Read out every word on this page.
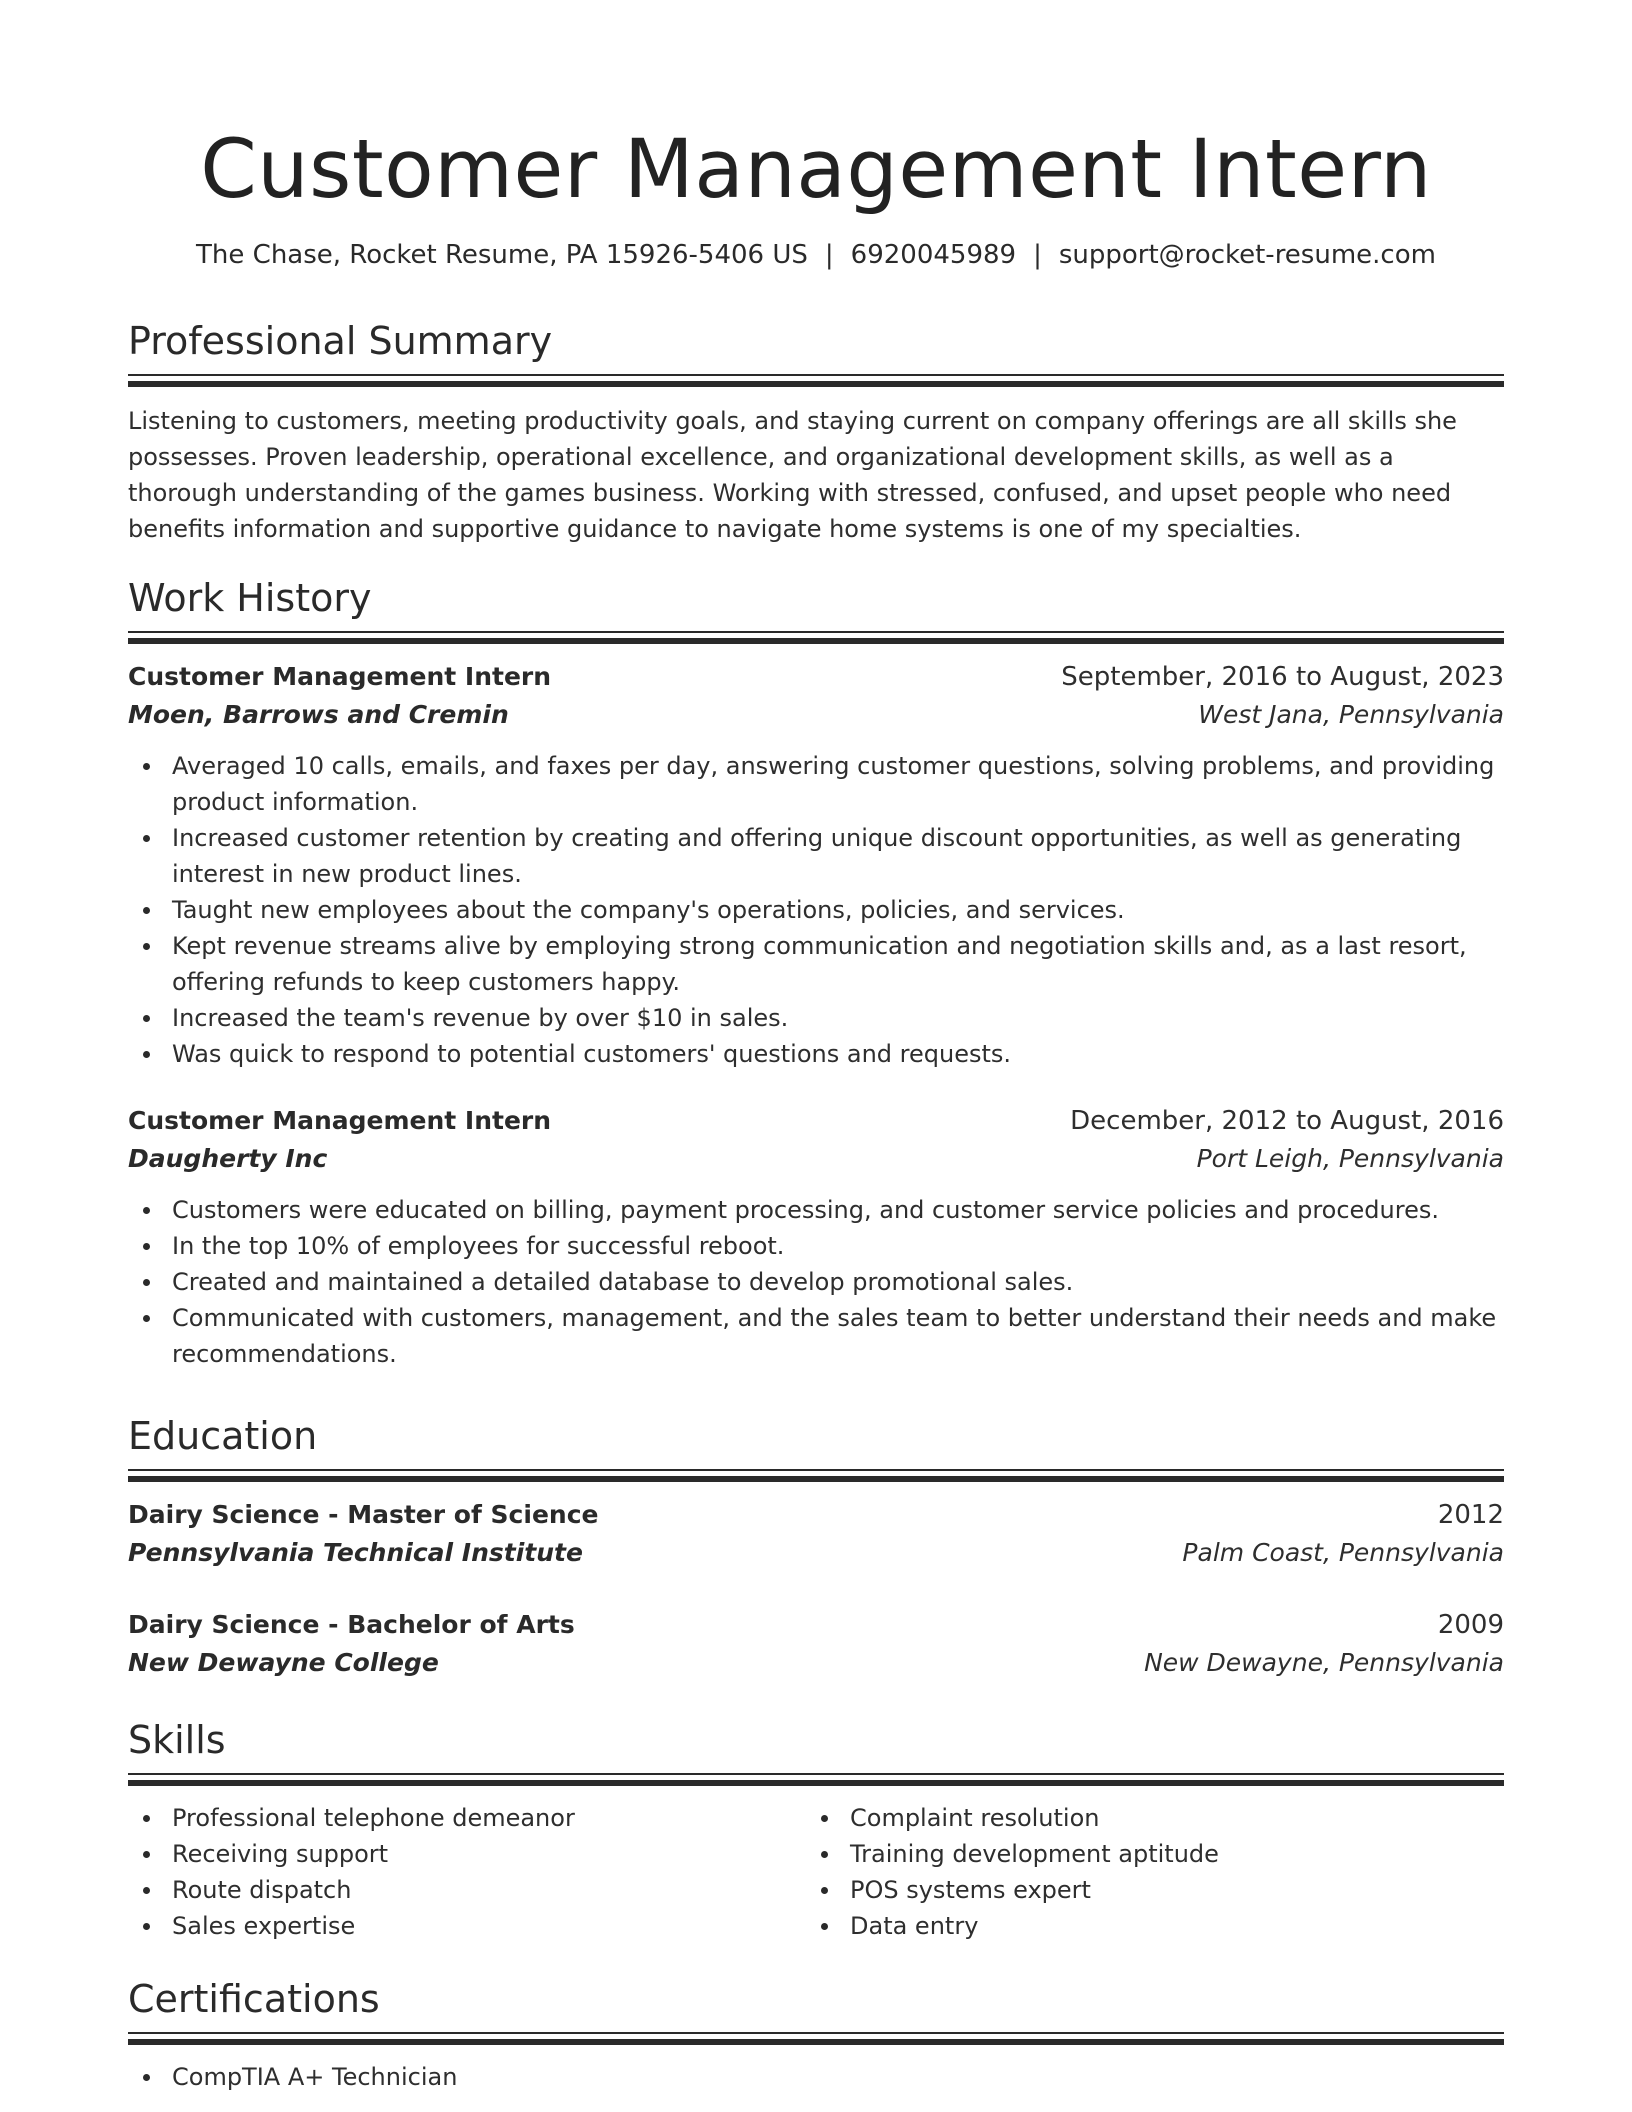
Customer Management Intern
The Chase, Rocket Resume, PA 15926-5406 US | 6920045989 | support@rocket-resume.com
Professional Summary

Listening to customers, meeting productivity goals, and staying current on company offerings are all skills she possesses. Proven leadership, operational excellence, and organizational development skills, as well as a thorough understanding of the games business. Working with stressed, confused, and upset people who need benefits information and supportive guidance to navigate home systems is one of my specialties.

Work History
Customer Management Intern	September, 2016 to August, 2023
Moen, Barrows and Cremin	West Jana, Pennsylvania
Averaged 10 calls, emails, and faxes per day, answering customer questions, solving problems, and providing product information.
Increased customer retention by creating and offering unique discount opportunities, as well as generating interest in new product lines.
Taught new employees about the company's operations, policies, and services.
Kept revenue streams alive by employing strong communication and negotiation skills and, as a last resort, offering refunds to keep customers happy.
Increased the team's revenue by over $10 in sales.
Was quick to respond to potential customers' questions and requests.
Customer Management Intern	December, 2012 to August, 2016
Daugherty Inc	Port Leigh, Pennsylvania
Customers were educated on billing, payment processing, and customer service policies and procedures.
In the top 10% of employees for successful reboot.
Created and maintained a detailed database to develop promotional sales.
Communicated with customers, management, and the sales team to better understand their needs and make recommendations.
Education
Dairy Science - Master of Science	2012
Pennsylvania Technical Institute	Palm Coast, Pennsylvania
Dairy Science - Bachelor of Arts	2009
New Dewayne College	New Dewayne, Pennsylvania
Skills
Professional telephone demeanor
Receiving support
Route dispatch
Sales expertise
Complaint resolution
Training development aptitude
POS systems expert
Data entry
Certifications
CompTIA A+ Technician
